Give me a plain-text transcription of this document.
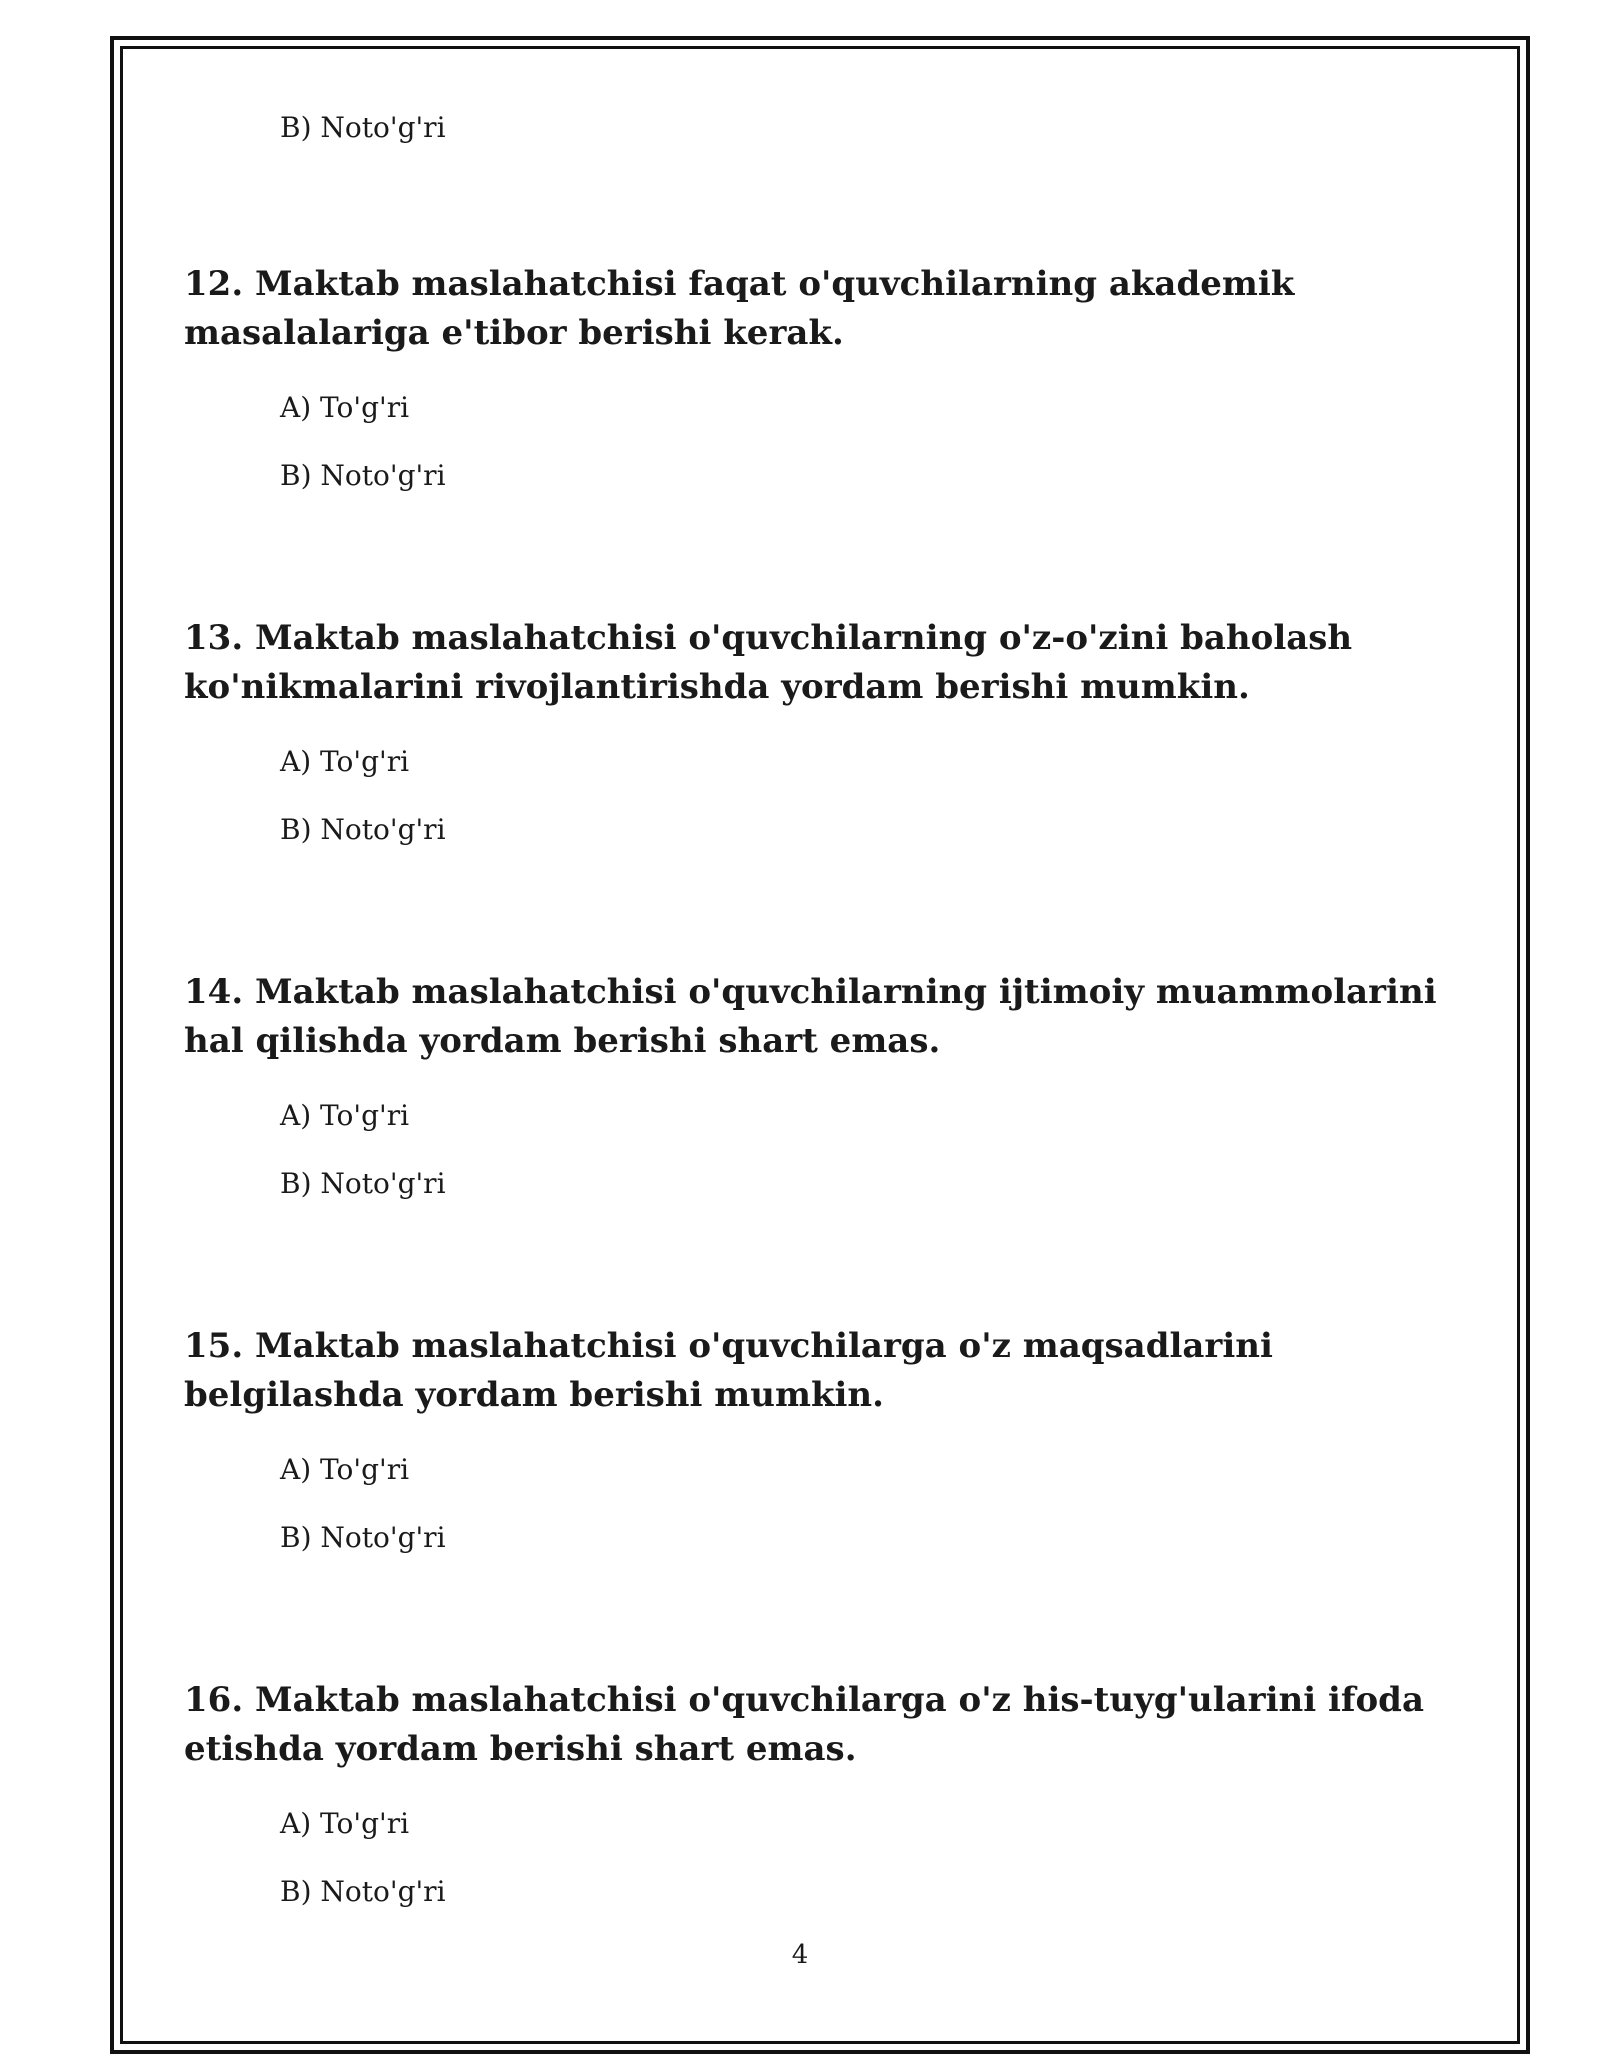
B) Noto'g'ri
12. Maktab maslahatchisi faqat o'quvchilarning akademik masalalariga e'tibor berishi kerak.
A) To'g'ri
B) Noto'g'ri
13. Maktab maslahatchisi o'quvchilarning o'z-o'zini baholash ko'nikmalarini rivojlantirishda yordam berishi mumkin.
A) To'g'ri
B) Noto'g'ri
14. Maktab maslahatchisi o'quvchilarning ijtimoiy muammolarini hal qilishda yordam berishi shart emas.
A) To'g'ri
B) Noto'g'ri
15. Maktab maslahatchisi o'quvchilarga o'z maqsadlarini belgilashda yordam berishi mumkin.
A) To'g'ri
B) Noto'g'ri
16. Maktab maslahatchisi o'quvchilarga o'z his-tuyg'ularini ifoda etishda yordam berishi shart emas.
A) To'g'ri
B) Noto'g'ri
4
